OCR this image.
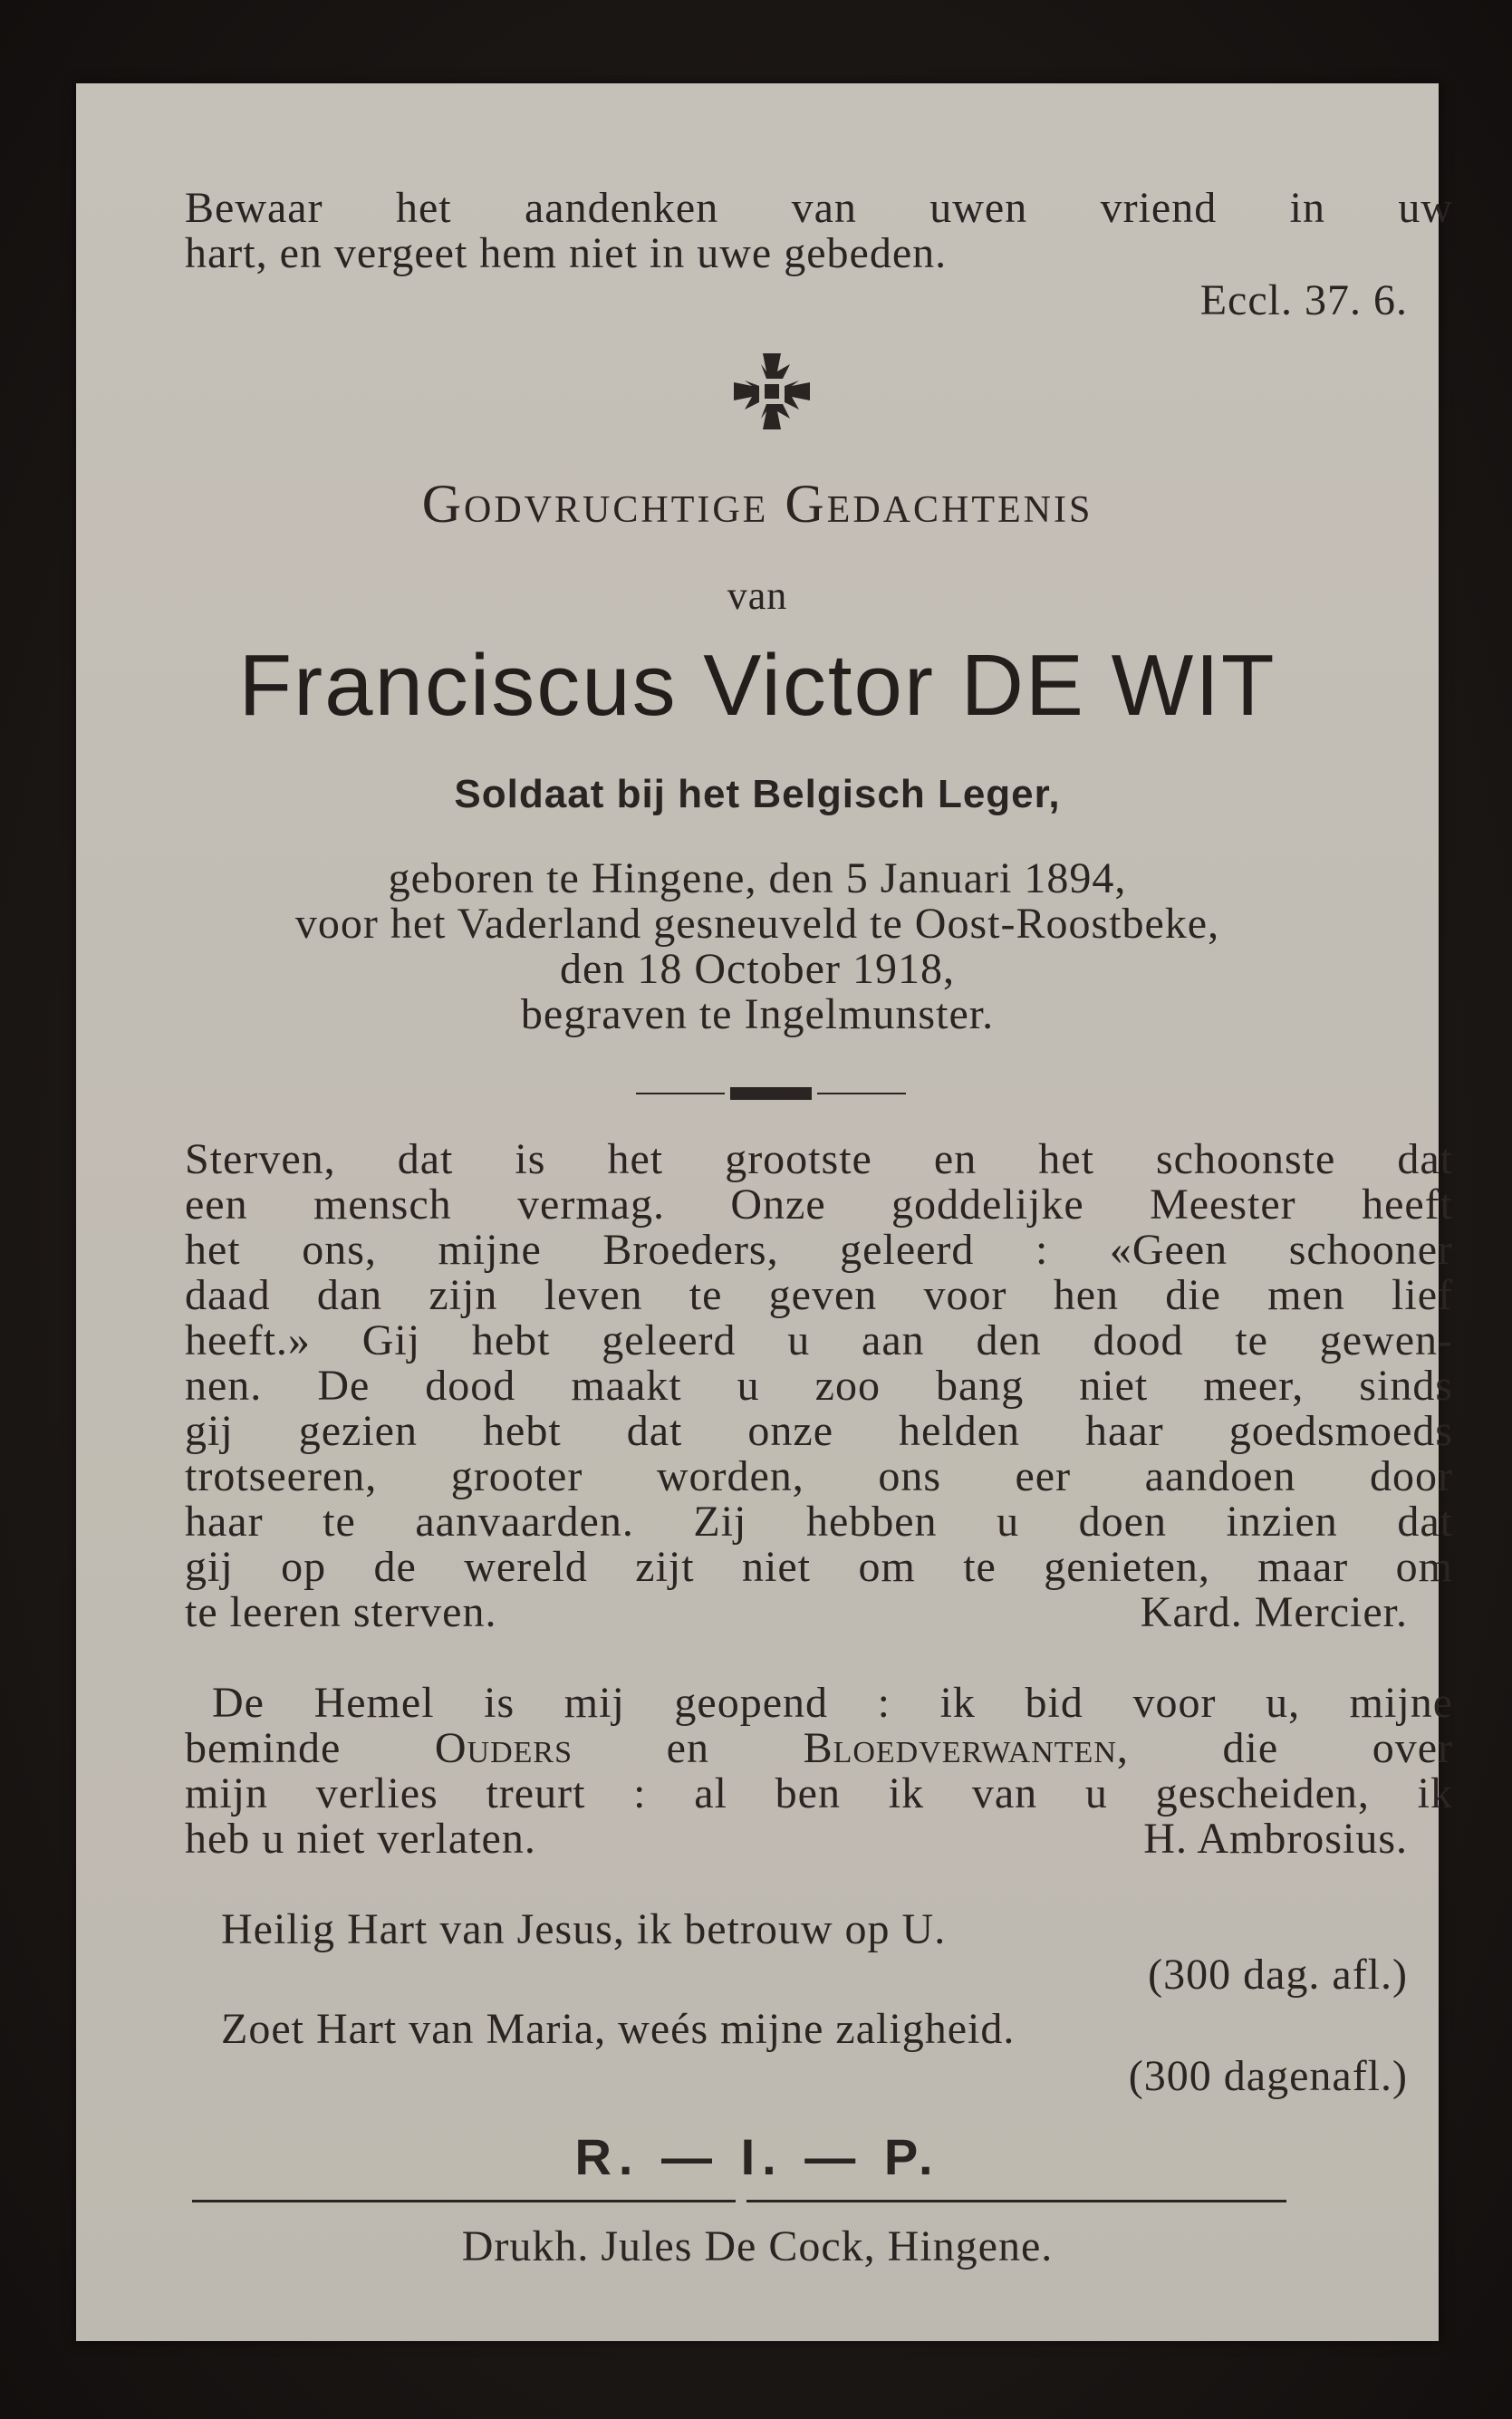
Bewaar het aandenken van uwen vriend in uw
hart, en vergeet hem niet in uwe gebeden.
Eccl. 37. 6.
Godvruchtige Gedachtenis
van
Franciscus Victor DE WIT
Soldaat bij het Belgisch Leger,
geboren te Hingene, den 5 Januari 1894,
voor het Vaderland gesneuveld te Oost-Roostbeke,
den 18 October 1918,
begraven te Ingelmunster.
Sterven, dat is het grootste en het schoonste dat
een mensch vermag. Onze goddelijke Meester heeft
het ons, mijne Broeders, geleerd : «Geen schooner
daad dan zijn leven te geven voor hen die men lief
heeft.» Gij hebt geleerd u aan den dood te gewen-
nen. De dood maakt u zoo bang niet meer, sinds
gij gezien hebt dat onze helden haar goedsmoeds
trotseeren, grooter worden, ons eer aandoen door
haar te aanvaarden. Zij hebben u doen inzien dat
gij op de wereld zijt niet om te genieten, maar om
te leeren sterven.	Kard. Mercier.
De Hemel is mij geopend : ik bid voor u, mijne
beminde Ouders en Bloedverwanten, die over
mijn verlies treurt : al ben ik van u gescheiden, ik
heb u niet verlaten.	H. Ambrosius.
Heilig Hart van Jesus, ik betrouw op U.
(300 dag. afl.)
Zoet Hart van Maria, weés mijne zaligheid.
(300 dagenafl.)
R. — I. — P.
Drukh. Jules De Cock, Hingene.
